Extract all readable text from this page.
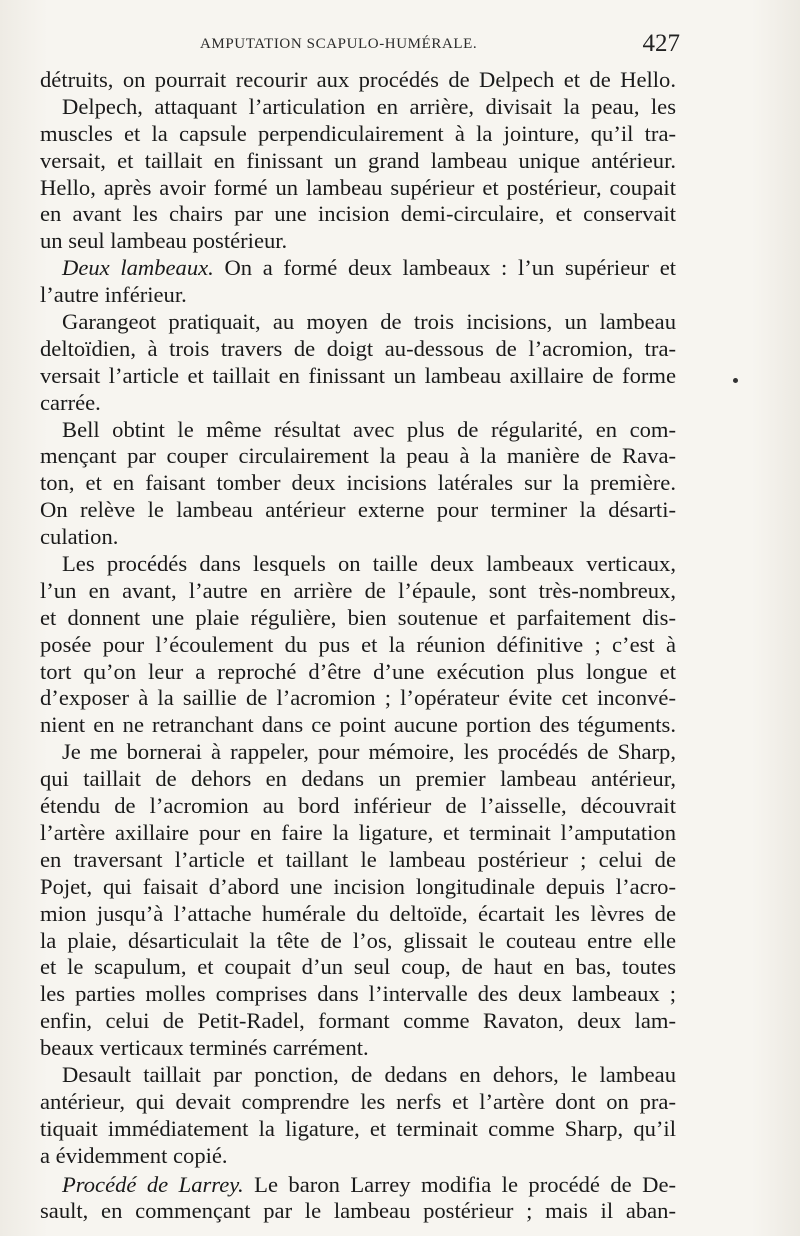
AMPUTATION SCAPULO-HUMÉRALE.	427
détruits, on pourrait recourir aux procédés de Delpech et de Hello.
Delpech, attaquant l’articulation en arrière, divisait la peau, les
muscles et la capsule perpendiculairement à la jointure, qu’il tra-
versait, et taillait en finissant un grand lambeau unique antérieur.
Hello, après avoir formé un lambeau supérieur et postérieur, coupait
en avant les chairs par une incision demi-circulaire, et conservait
un seul lambeau postérieur.
Deux lambeaux. On a formé deux lambeaux : l’un supérieur et
l’autre inférieur.
Garangeot pratiquait, au moyen de trois incisions, un lambeau
deltoïdien, à trois travers de doigt au-dessous de l’acromion, tra-
versait l’article et taillait en finissant un lambeau axillaire de forme
carrée.
Bell obtint le même résultat avec plus de régularité, en com-
mençant par couper circulairement la peau à la manière de Rava-
ton, et en faisant tomber deux incisions latérales sur la première.
On relève le lambeau antérieur externe pour terminer la désarti-
culation.
Les procédés dans lesquels on taille deux lambeaux verticaux,
l’un en avant, l’autre en arrière de l’épaule, sont très-nombreux,
et donnent une plaie régulière, bien soutenue et parfaitement dis-
posée pour l’écoulement du pus et la réunion définitive ; c’est à
tort qu’on leur a reproché d’être d’une exécution plus longue et
d’exposer à la saillie de l’acromion ; l’opérateur évite cet inconvé-
nient en ne retranchant dans ce point aucune portion des téguments.
Je me bornerai à rappeler, pour mémoire, les procédés de Sharp,
qui taillait de dehors en dedans un premier lambeau antérieur,
étendu de l’acromion au bord inférieur de l’aisselle, découvrait
l’artère axillaire pour en faire la ligature, et terminait l’amputation
en traversant l’article et taillant le lambeau postérieur ; celui de
Pojet, qui faisait d’abord une incision longitudinale depuis l’acro-
mion jusqu’à l’attache humérale du deltoïde, écartait les lèvres de
la plaie, désarticulait la tête de l’os, glissait le couteau entre elle
et le scapulum, et coupait d’un seul coup, de haut en bas, toutes
les parties molles comprises dans l’intervalle des deux lambeaux ;
enfin, celui de Petit-Radel, formant comme Ravaton, deux lam-
beaux verticaux terminés carrément.
Desault taillait par ponction, de dedans en dehors, le lambeau
antérieur, qui devait comprendre les nerfs et l’artère dont on pra-
tiquait immédiatement la ligature, et terminait comme Sharp, qu’il
a évidemment copié.
Procédé de Larrey. Le baron Larrey modifia le procédé de De-
sault, en commençant par le lambeau postérieur ; mais il aban-
